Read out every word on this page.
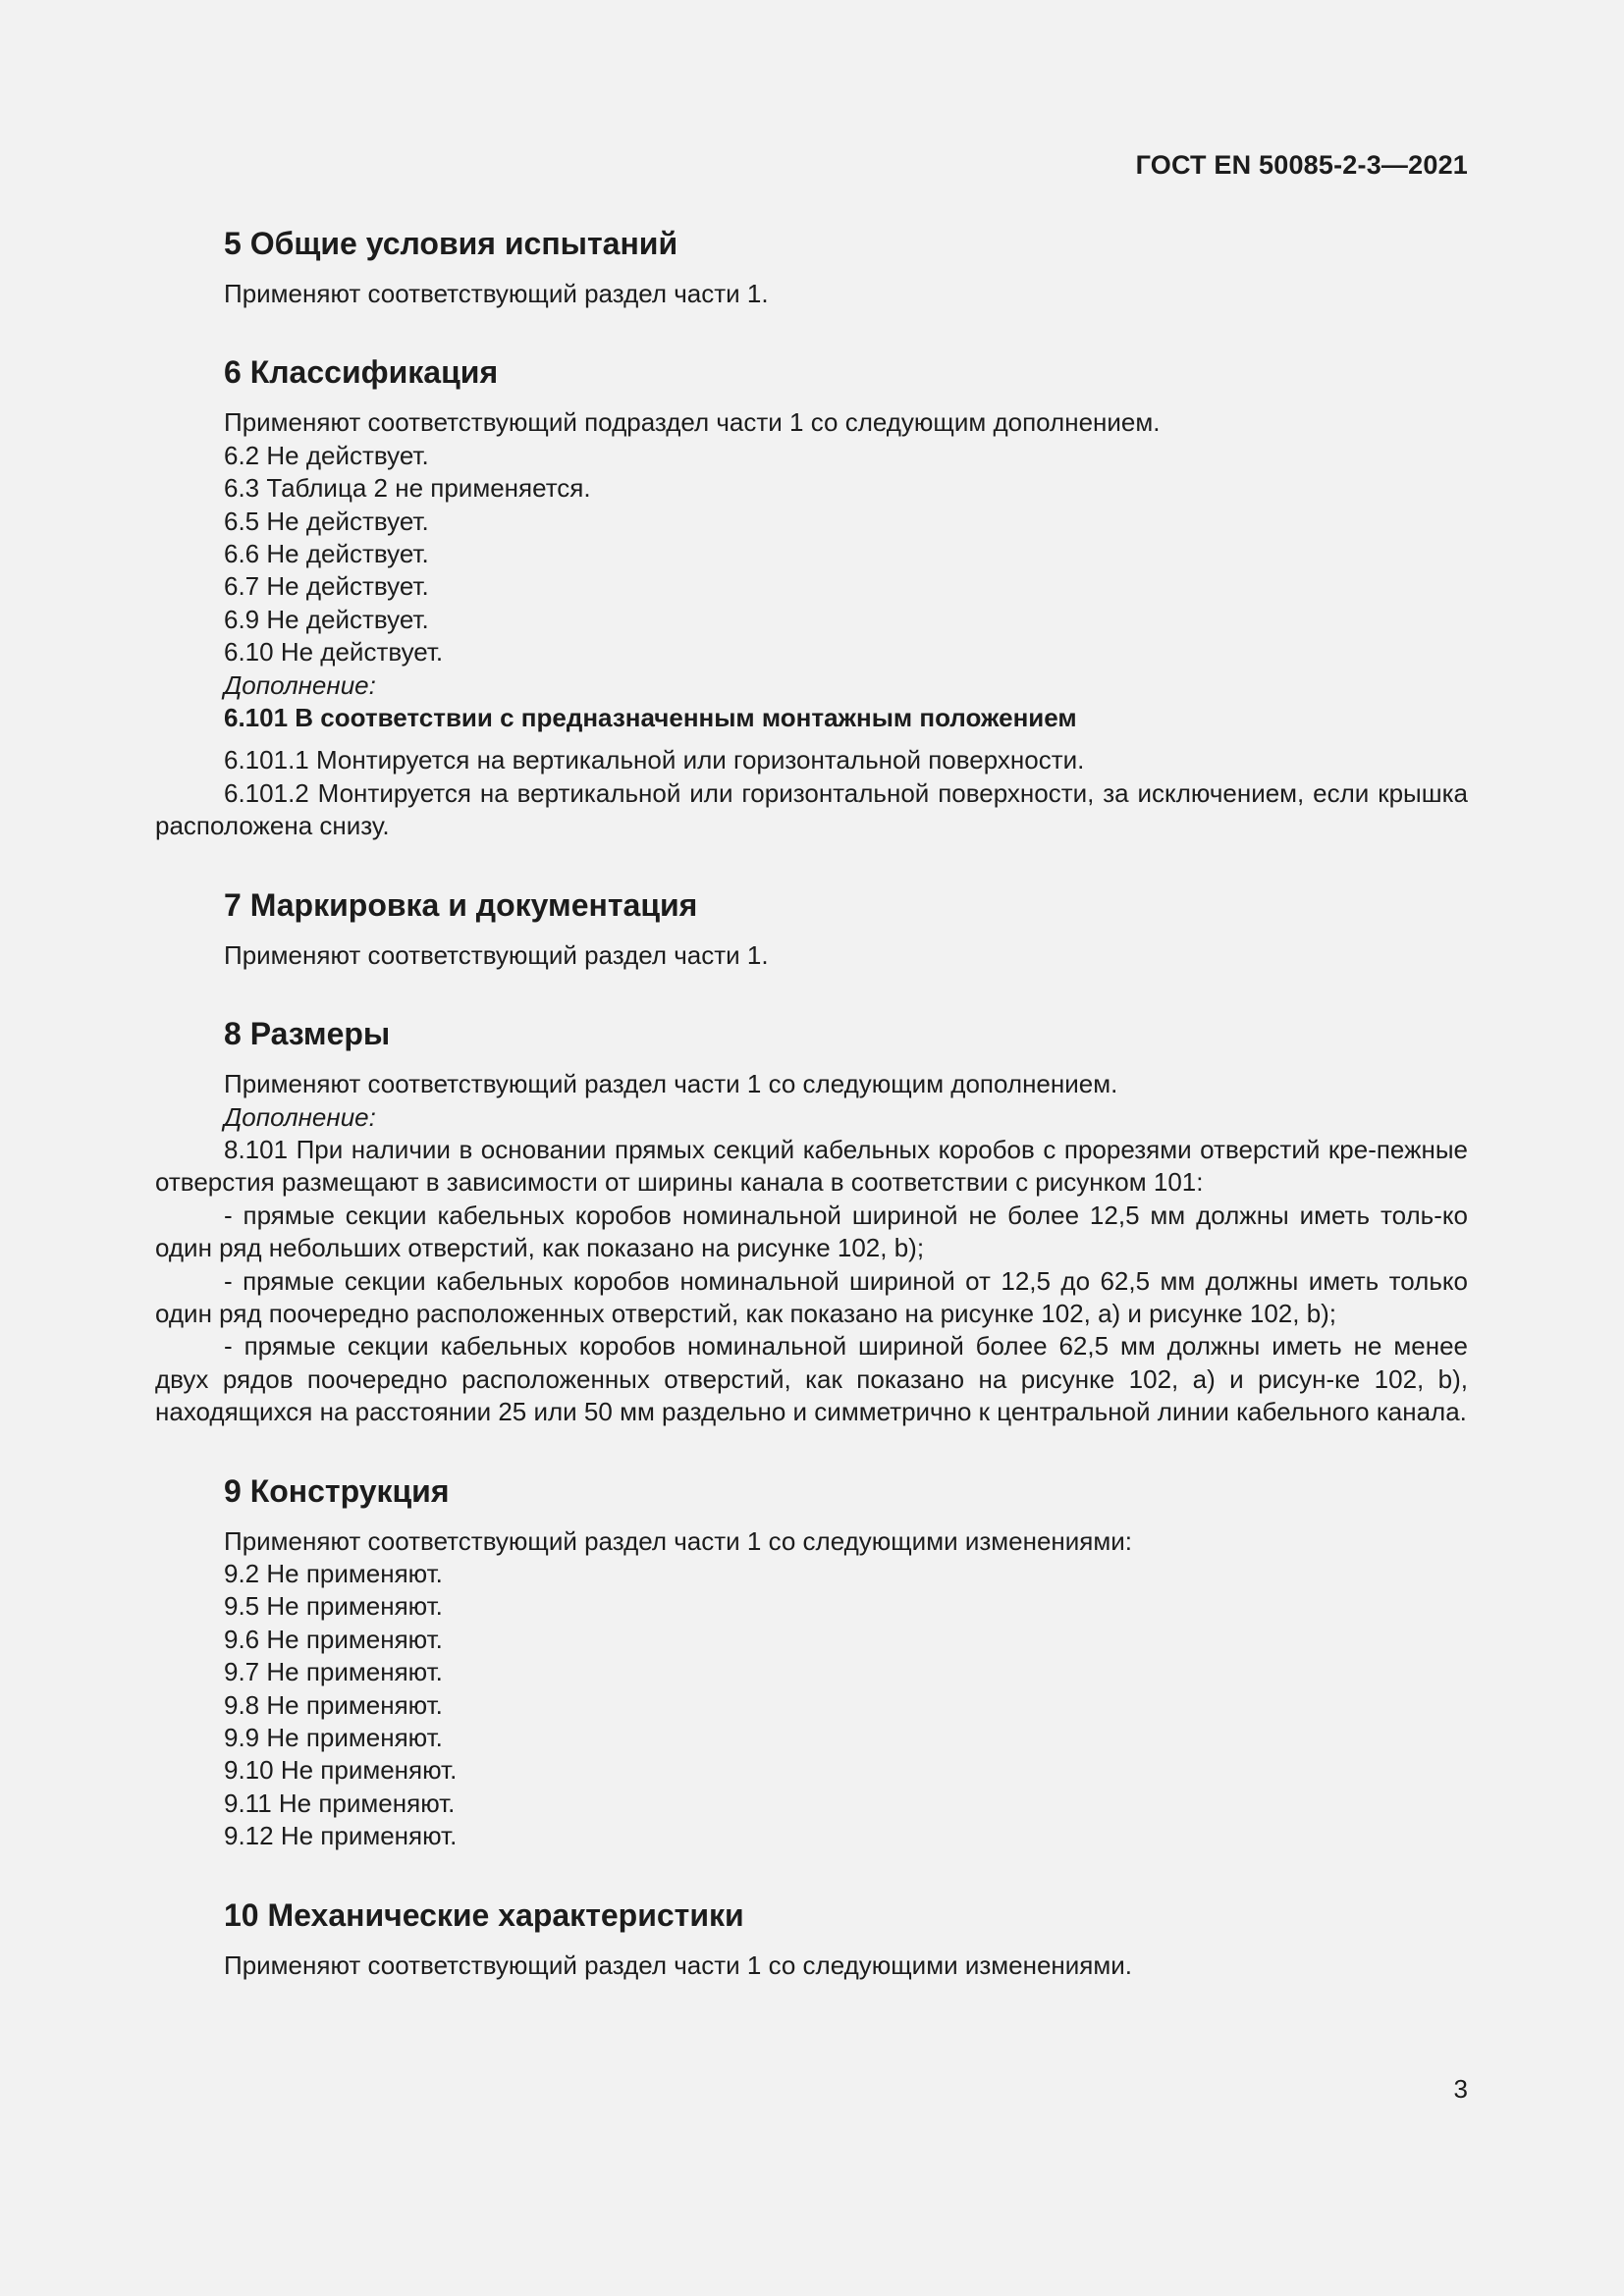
ГОСТ EN 50085-2-3—2021
5 Общие условия испытаний
Применяют соответствующий раздел части 1.
6 Классификация
Применяют соответствующий подраздел части 1 со следующим дополнением.
6.2 Не действует.
6.3 Таблица 2 не применяется.
6.5 Не действует.
6.6 Не действует.
6.7 Не действует.
6.9 Не действует.
6.10 Не действует.
Дополнение:
6.101 В соответствии с предназначенным монтажным положением
6.101.1 Монтируется на вертикальной или горизонтальной поверхности.
6.101.2 Монтируется на вертикальной или горизонтальной поверхности, за исключением, если крышка расположена снизу.
7 Маркировка и документация
Применяют соответствующий раздел части 1.
8 Размеры
Применяют соответствующий раздел части 1 со следующим дополнением.
Дополнение:
8.101 При наличии в основании прямых секций кабельных коробов с прорезями отверстий кре-пежные отверстия размещают в зависимости от ширины канала в соответствии с рисунком 101:
- прямые секции кабельных коробов номинальной шириной не более 12,5 мм должны иметь толь-ко один ряд небольших отверстий, как показано на рисунке 102, b);
- прямые секции кабельных коробов номинальной шириной от 12,5 до 62,5 мм должны иметь только один ряд поочередно расположенных отверстий, как показано на рисунке 102, а) и рисунке 102, b);
- прямые секции кабельных коробов номинальной шириной более 62,5 мм должны иметь не менее двух рядов поочередно расположенных отверстий, как показано на рисунке 102, а) и рисун-ке 102, b), находящихся на расстоянии 25 или 50 мм раздельно и симметрично к центральной линии кабельного канала.
9 Конструкция
Применяют соответствующий раздел части 1 со следующими изменениями:
9.2 Не применяют.
9.5 Не применяют.
9.6 Не применяют.
9.7 Не применяют.
9.8 Не применяют.
9.9 Не применяют.
9.10 Не применяют.
9.11 Не применяют.
9.12 Не применяют.
10 Механические характеристики
Применяют соответствующий раздел части 1 со следующими изменениями.
3
